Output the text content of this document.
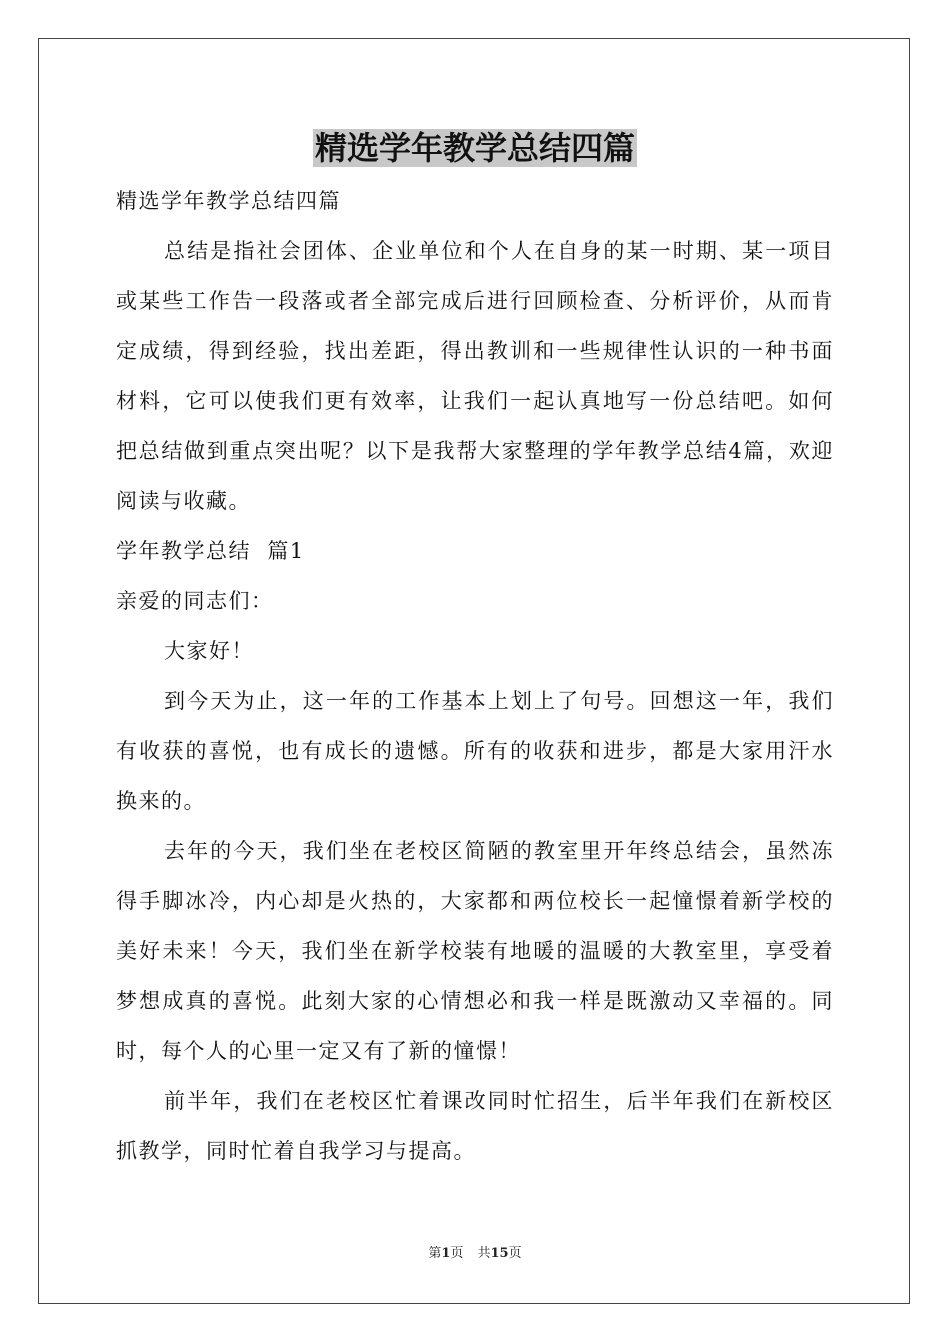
精选学年教学总结四篇

精选学年教学总结四篇

总结是指社会团体、企业单位和个人在自身的某一时期、某一项目或某些工作告一段落或者全部完成后进行回顾检查、分析评价，从而肯定成绩，得到经验，找出差距，得出教训和一些规律性认识的一种书面材料，它可以使我们更有效率，让我们一起认真地写一份总结吧。如何把总结做到重点突出呢？以下是我帮大家整理的学年教学总结4篇，欢迎阅读与收藏。

学年教学总结  篇1

亲爱的同志们：

大家好！

到今天为止，这一年的工作基本上划上了句号。回想这一年，我们有收获的喜悦，也有成长的遗憾。所有的收获和进步，都是大家用汗水换来的。

去年的今天，我们坐在老校区简陋的教室里开年终总结会，虽然冻得手脚冰冷，内心却是火热的，大家都和两位校长一起憧憬着新学校的美好未来！今天，我们坐在新学校装有地暖的温暖的大教室里，享受着梦想成真的喜悦。此刻大家的心情想必和我一样是既激动又幸福的。同时，每个人的心里一定又有了新的憧憬！

前半年，我们在老校区忙着课改同时忙招生，后半年我们在新校区抓教学，同时忙着自我学习与提高。

第1页 共15页
